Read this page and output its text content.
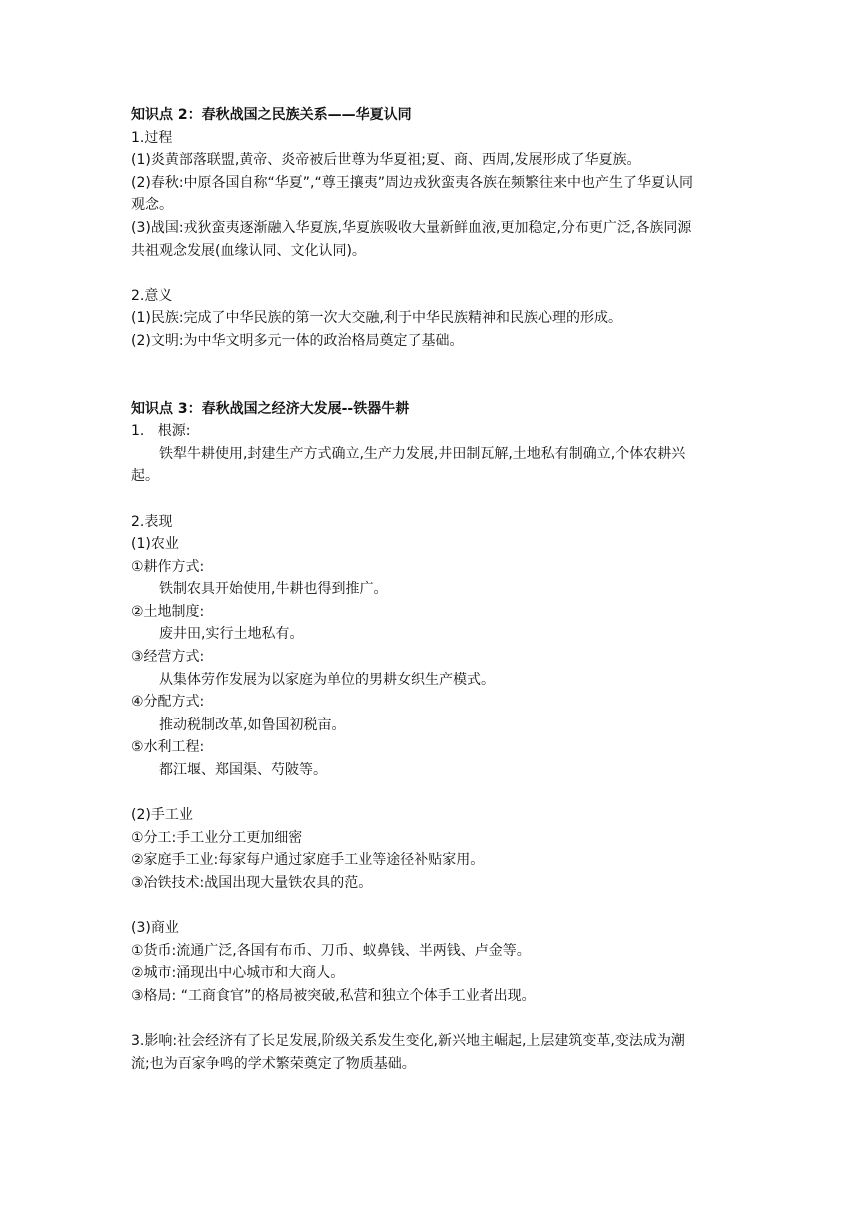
知识点 2：春秋战国之民族关系——华夏认同
1.过程
(1)炎黄部落联盟,黄帝、炎帝被后世尊为华夏祖;夏、商、西周,发展形成了华夏族。
(2)春秋:中原各国自称“华夏”,“尊王攘夷”周边戎狄蛮夷各族在频繁往来中也产生了华夏认同
观念。
(3)战国:戎狄蛮夷逐渐融入华夏族,华夏族吸收大量新鲜血液,更加稳定,分布更广泛,各族同源
共祖观念发展(血缘认同、文化认同)。
2.意义
(1)民族:完成了中华民族的第一次大交融,利于中华民族精神和民族心理的形成。
(2)文明:为中华文明多元一体的政治格局奠定了基础。
知识点 3：春秋战国之经济大发展--铁器牛耕
1.   根源:
铁犁牛耕使用,封建生产方式确立,生产力发展,井田制瓦解,土地私有制确立,个体农耕兴
起。
2.表现
(1)农业
①耕作方式:
铁制农具开始使用,牛耕也得到推广。
②土地制度:
废井田,实行土地私有。
③经营方式:
从集体劳作发展为以家庭为单位的男耕女织生产模式。
④分配方式:
推动税制改革,如鲁国初税亩。
⑤水利工程:
都江堰、郑国渠、芍陂等。
(2)手工业
①分工:手工业分工更加细密
②家庭手工业:每家每户通过家庭手工业等途径补贴家用。
③冶铁技术:战国出现大量铁农具的范。
(3)商业
①货币:流通广泛,各国有布币、刀币、蚁鼻钱、半两钱、卢金等。
②城市:涌现出中心城市和大商人。
③格局: “工商食官”的格局被突破,私营和独立个体手工业者出现。
3.影响:社会经济有了长足发展,阶级关系发生变化,新兴地主崛起,上层建筑变革,变法成为潮
流;也为百家争鸣的学术繁荣奠定了物质基础。
